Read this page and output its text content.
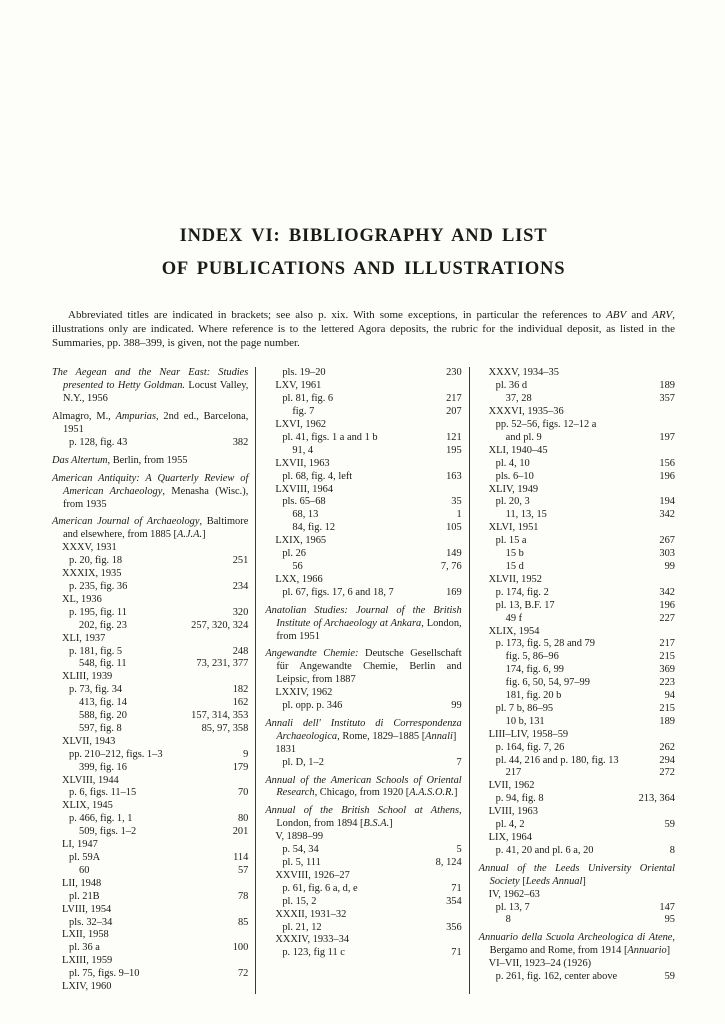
INDEX VI: BIBLIOGRAPHY AND LIST
OF PUBLICATIONS AND ILLUSTRATIONS

Abbreviated titles are indicated in brackets; see also p. xix. With some exceptions, in particular the references to ABV and ARV, illustrations only are indicated. Where reference is to the lettered Agora deposits, the rubric for the individual deposit, as listed in the Summaries, pp. 388–399, is given, not the page number.

The Aegean and the Near East: Studies presented to Hetty Goldman. Locust Valley, N.Y., 1956
Almagro, M., Ampurias, 2nd ed., Barcelona, 1951
p. 128, fig. 43	382
Das Altertum, Berlin, from 1955
American Antiquity: A Quarterly Review of American Archaeology, Menasha (Wisc.), from 1935
American Journal of Archaeology, Baltimore and elsewhere, from 1885 [A.J.A.]
XXXV, 1931
p. 20, fig. 18	251
XXXIX, 1935
p. 235, fig. 36	234
XL, 1936
p. 195, fig. 11	320
202, fig. 23	257, 320, 324
XLI, 1937
p. 181, fig. 5	248
548, fig. 11	73, 231, 377
XLIII, 1939
p. 73, fig. 34	182
413, fig. 14	162
588, fig. 20	157, 314, 353
597, fig. 8	85, 97, 358
XLVII, 1943
pp. 210–212, figs. 1–3	9
399, fig. 16	179
XLVIII, 1944
p. 6, figs. 11–15	70
XLIX, 1945
p. 466, fig. 1, 1	80
509, figs. 1–2	201
LI, 1947
pl. 59A	114
60	57
LII, 1948
pl. 21B	78
LVIII, 1954
pls. 32–34	85
LXII, 1958
pl. 36 a	100
LXIII, 1959
pl. 75, figs. 9–10	72
LXIV, 1960
pls. 19–20	230
LXV, 1961
pl. 81, fig. 6	217
fig. 7	207
LXVI, 1962
pl. 41, figs. 1 a and 1 b	121
91, 4	195
LXVII, 1963
pl. 68, fig. 4, left	163
LXVIII, 1964
pls. 65–68	35
68, 13	1
84, fig. 12	105
LXIX, 1965
pl. 26	149
56	7, 76
LXX, 1966
pl. 67, figs. 17, 6 and 18, 7	169
Anatolian Studies: Journal of the British Institute of Archaeology at Ankara, London, from 1951
Angewandte Chemie: Deutsche Gesellschaft für Angewandte Chemie, Berlin and Leipsic, from 1887
LXXIV, 1962
pl. opp. p. 346	99
Annali dell' Instituto di Correspondenza Archaeologica, Rome, 1829–1885 [Annali]
1831
pl. D, 1–2	7
Annual of the American Schools of Oriental Research, Chicago, from 1920 [A.A.S.O.R.]
Annual of the British School at Athens, London, from 1894 [B.S.A.]
V, 1898–99
p. 54, 34	5
pl. 5, 111	8, 124
XXVIII, 1926–27
p. 61, fig. 6 a, d, e	71
pl. 15, 2	354
XXXII, 1931–32
pl. 21, 12	356
XXXIV, 1933–34
p. 123, fig 11 c	71
XXXV, 1934–35
pl. 36 d	189
37, 28	357
XXXVI, 1935–36
pp. 52–56, figs. 12–12 a
and pl. 9	197
XLI, 1940–45
pl. 4, 10	156
pls. 6–10	196
XLIV, 1949
pl. 20, 3	194
11, 13, 15	342
XLVI, 1951
pl. 15 a	267
15 b	303
15 d	99
XLVII, 1952
p. 174, fig. 2	342
pl. 13, B.F. 17	196
49 f	227
XLIX, 1954
p. 173, fig. 5, 28 and 79	217
fig. 5, 86–96	215
174, fig. 6, 99	369
fig. 6, 50, 54, 97–99	223
181, fig. 20 b	94
pl. 7 b, 86–95	215
10 b, 131	189
LIII–LIV, 1958–59
p. 164, fig. 7, 26	262
pl. 44, 216 and p. 180, fig. 13	294
217	272
LVII, 1962
p. 94, fig. 8	213, 364
LVIII, 1963
pl. 4, 2	59
LIX, 1964
p. 41, 20 and pl. 6 a, 20	8
Annual of the Leeds University Oriental Society [Leeds Annual]
IV, 1962–63
pl. 13, 7	147
8	95
Annuario della Scuola Archeologica di Atene, Bergamo and Rome, from 1914 [Annuario]
VI–VII, 1923–24 (1926)
p. 261, fig. 162, center above	59
